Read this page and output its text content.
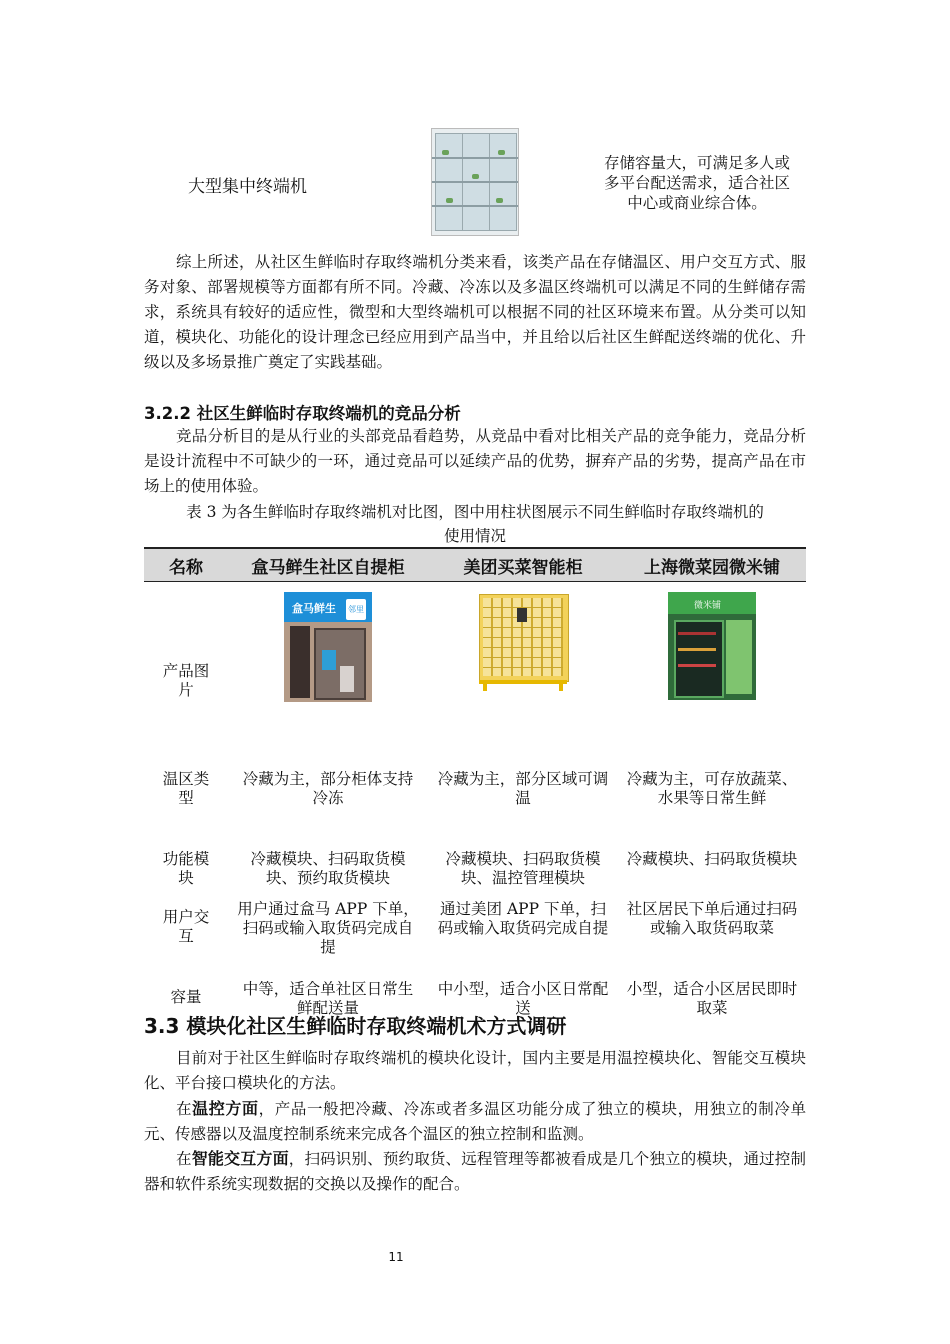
大型集中终端机
存储容量大，可满足多人或
多平台配送需求，适合社区
中心或商业综合体。

综上所述，从社区生鲜临时存取终端机分类来看，该类产品在存储温区、用户交互方式、服务对象、部署规模等方面都有所不同。冷藏、冷冻以及多温区终端机可以满足不同的生鲜储存需求，系统具有较好的适应性，微型和大型终端机可以根据不同的社区环境来布置。从分类可以知道，模块化、功能化的设计理念已经应用到产品当中，并且给以后社区生鲜配送终端的优化、升级以及多场景推广奠定了实践基础。

3.2.2 社区生鲜临时存取终端机的竞品分析

竞品分析目的是从行业的头部竞品看趋势，从竞品中看对比相关产品的竞争能力，竞品分析是设计流程中不可缺少的一环，通过竞品可以延续产品的优势，摒弃产品的劣势，提高产品在市场上的使用体验。

表 3 为各生鲜临时存取终端机对比图，图中用柱状图展示不同生鲜临时存取终端机的
使用情况
名称	盒马鲜生社区自提柜	美团买菜智能柜	上海微菜园微米铺
产品图片	盒马鲜生 邻里		微米铺

温区类型	冷藏为主，部分柜体支持冷冻	冷藏为主，部分区域可调温	冷藏为主，可存放蔬菜、水果等日常生鲜
功能模块	冷藏模块、扫码取货模块、预约取货模块	冷藏模块、扫码取货模块、温控管理模块	冷藏模块、扫码取货模块
用户交互	用户通过盒马 APP 下单，扫码或输入取货码完成自提	通过美团 APP 下单，扫码或输入取货码完成自提	社区居民下单后通过扫码或输入取货码取菜
容量	中等，适合单社区日常生鲜配送量	中小型，适合小区日常配送	小型，适合小区居民即时取菜
3.3 模块化社区生鲜临时存取终端机术方式调研

目前对于社区生鲜临时存取终端机的模块化设计，国内主要是用温控模块化、智能交互模块化、平台接口模块化的方法。

在温控方面，产品一般把冷藏、冷冻或者多温区功能分成了独立的模块，用独立的制冷单元、传感器以及温度控制系统来完成各个温区的独立控制和监测。

在智能交互方面，扫码识别、预约取货、远程管理等都被看成是几个独立的模块，通过控制器和软件系统实现数据的交换以及操作的配合。

11
